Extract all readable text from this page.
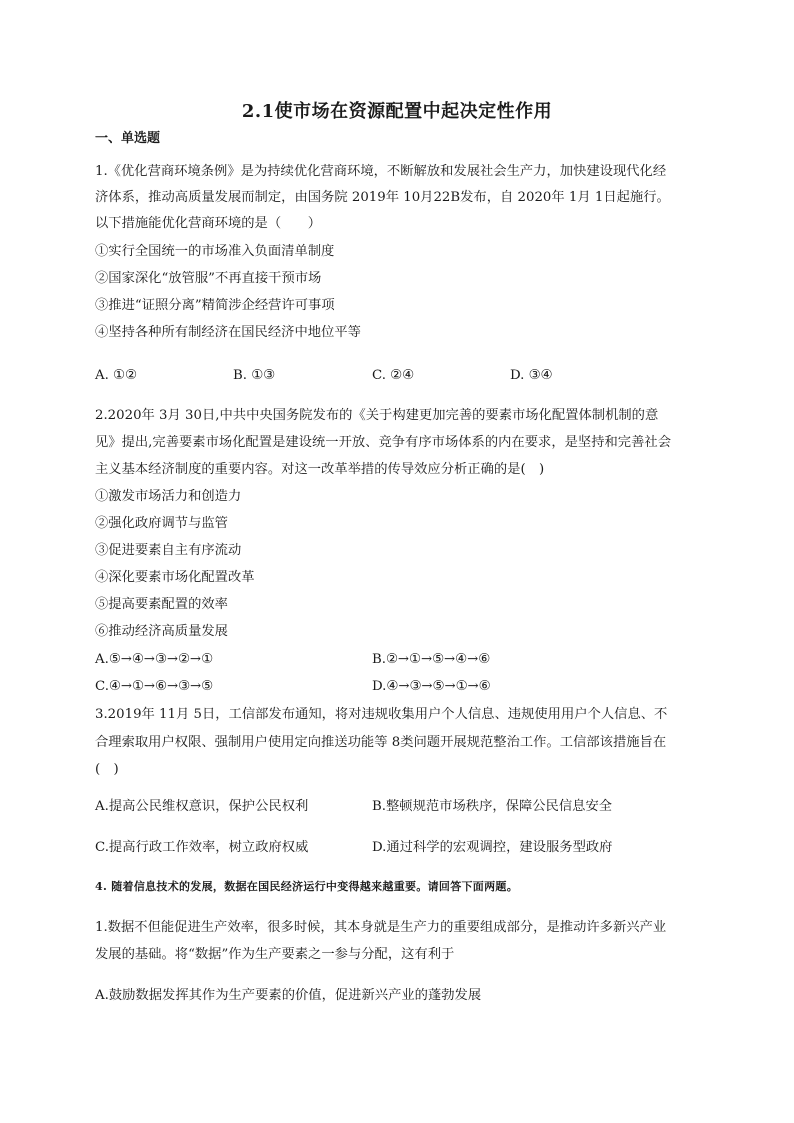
2.1使市场在资源配置中起决定性作用
一、单选题
1.《优化营商环境条例》是为持续优化营商环境，不断解放和发展社会生产力，加快建设现代化经
济体系，推动高质量发展而制定，由国务院 2019年 10月22B发布，自 2020年 1月 1日起施行。
以下措施能优化营商环境的是（　　）
①实行全国统一的市场准入负面清单制度
②国家深化“放管服”不再直接干预市场
③推进“证照分离”精简涉企经营许可事项
④坚持各种所有制经济在国民经济中地位平等
A. ①②	B. ①③	C. ②④	D. ③④
2.2020年 3月 30日,中共中央国务院发布的《关于构建更加完善的要素市场化配置体制机制的意
见》提出,完善要素市场化配置是建设统一开放、竞争有序市场体系的内在要求，是坚持和完善社会
主义基本经济制度的重要内容。对这一改革举措的传导效应分析正确的是(　)
①激发市场活力和创造力
②强化政府调节与监管
③促进要素自主有序流动
④深化要素市场化配置改革
⑤提高要素配置的效率
⑥推动经济高质量发展
A.⑤→④→③→②→①	B.②→①→⑤→④→⑥
C.④→①→⑥→③→⑤	D.④→③→⑤→①→⑥
3.2019年 11月 5日，工信部发布通知，将对违规收集用户个人信息、违规使用用户个人信息、不
合理索取用户权限、强制用户使用定向推送功能等 8类问题开展规范整治工作。工信部该措施旨在
(　)
A.提高公民维权意识，保护公民权利	B.整顿规范市场秩序，保障公民信息安全
C.提高行政工作效率，树立政府权威	D.通过科学的宏观调控，建设服务型政府
4. 随着信息技术的发展，数据在国民经济运行中变得越来越重要。请回答下面两题。
1.数据不但能促进生产效率，很多时候，其本身就是生产力的重要组成部分，是推动许多新兴产业
发展的基础。将“数据”作为生产要素之一参与分配，这有利于
A.鼓励数据发挥其作为生产要素的价值，促进新兴产业的蓬勃发展
